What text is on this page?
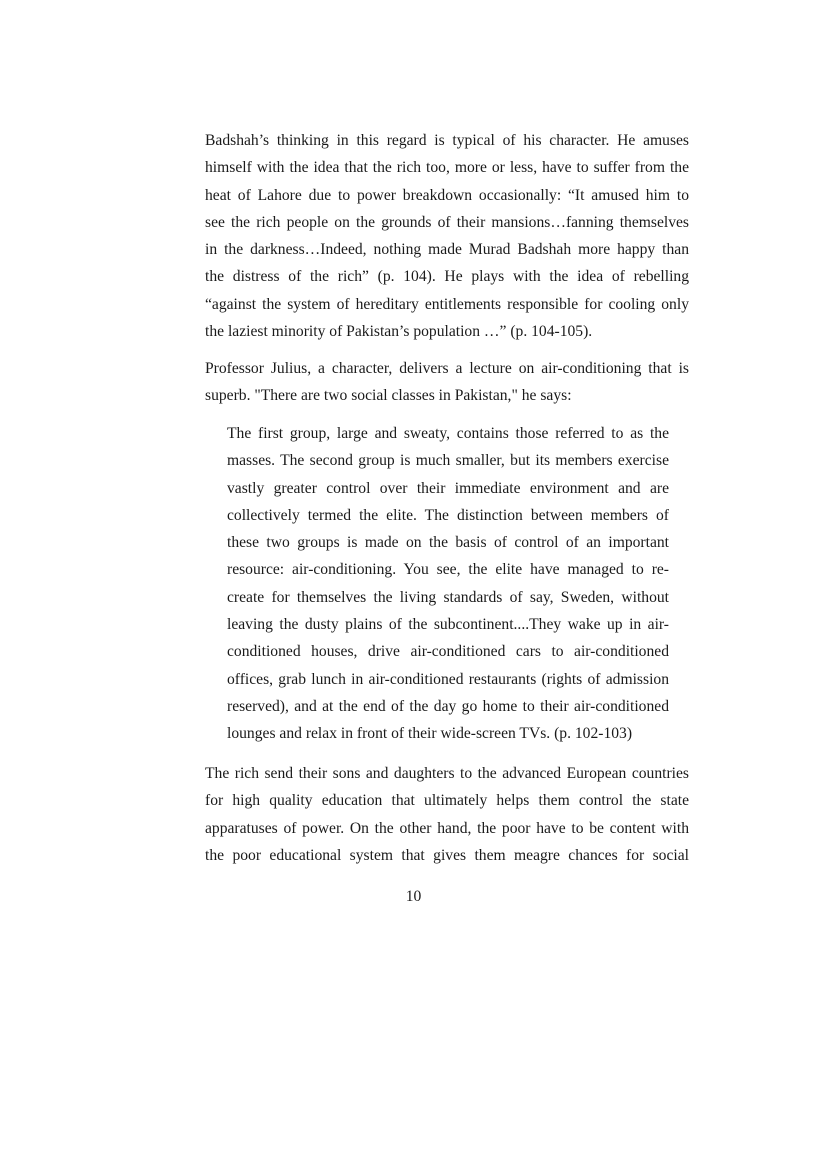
Badshah’s thinking in this regard is typical of his character. He amuses
himself with the idea that the rich too, more or less, have to suffer from the
heat of Lahore due to power breakdown occasionally: “It amused him to
see the rich people on the grounds of their mansions…fanning themselves
in the darkness…Indeed, nothing made Murad Badshah more happy than
the distress of the rich” (p. 104). He plays with the idea of rebelling
“against the system of hereditary entitlements responsible for cooling only
the laziest minority of Pakistan’s population …” (p. 104-105).

Professor Julius, a character, delivers a lecture on air-conditioning that is
superb. "There are two social classes in Pakistan," he says:

The first group, large and sweaty, contains those referred to as the
masses. The second group is much smaller, but its members exercise
vastly greater control over their immediate environment and are
collectively termed the elite. The distinction between members of
these two groups is made on the basis of control of an important
resource: air-conditioning. You see, the elite have managed to re-
create for themselves the living standards of say, Sweden, without
leaving the dusty plains of the subcontinent....They wake up in air-
conditioned houses, drive air-conditioned cars to air-conditioned
offices, grab lunch in air-conditioned restaurants (rights of admission
reserved), and at the end of the day go home to their air-conditioned
lounges and relax in front of their wide-screen TVs. (p. 102-103)

The rich send their sons and daughters to the advanced European countries
for high quality education that ultimately helps them control the state
apparatuses of power. On the other hand, the poor have to be content with
the poor educational system that gives them meagre chances for social

10
